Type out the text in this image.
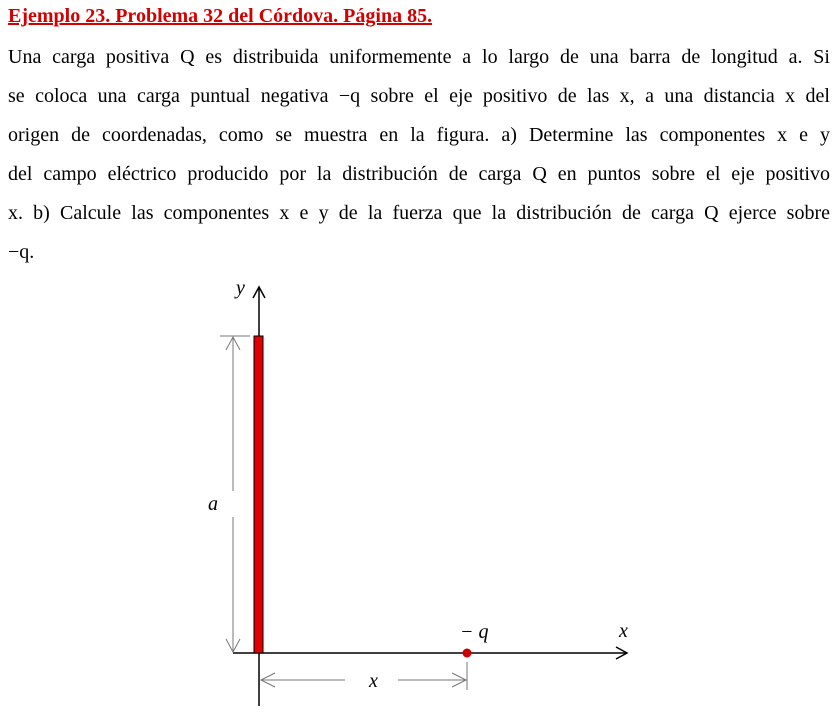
Ejemplo 23. Problema 32 del Córdova. Página 85.
Una carga positiva Q es distribuida uniformemente a lo largo de una barra de longitud a. Si
se coloca una carga puntual negativa −q sobre el eje positivo de las x, a una distancia x del
origen de coordenadas, como se muestra en la figura. a) Determine las componentes x e y
del campo eléctrico producido por la distribución de carga Q en puntos sobre el eje positivo
x. b) Calcule las componentes x e y de la fuerza que la distribución de carga Q ejerce sobre
−q.
y
x
a
x
− q
